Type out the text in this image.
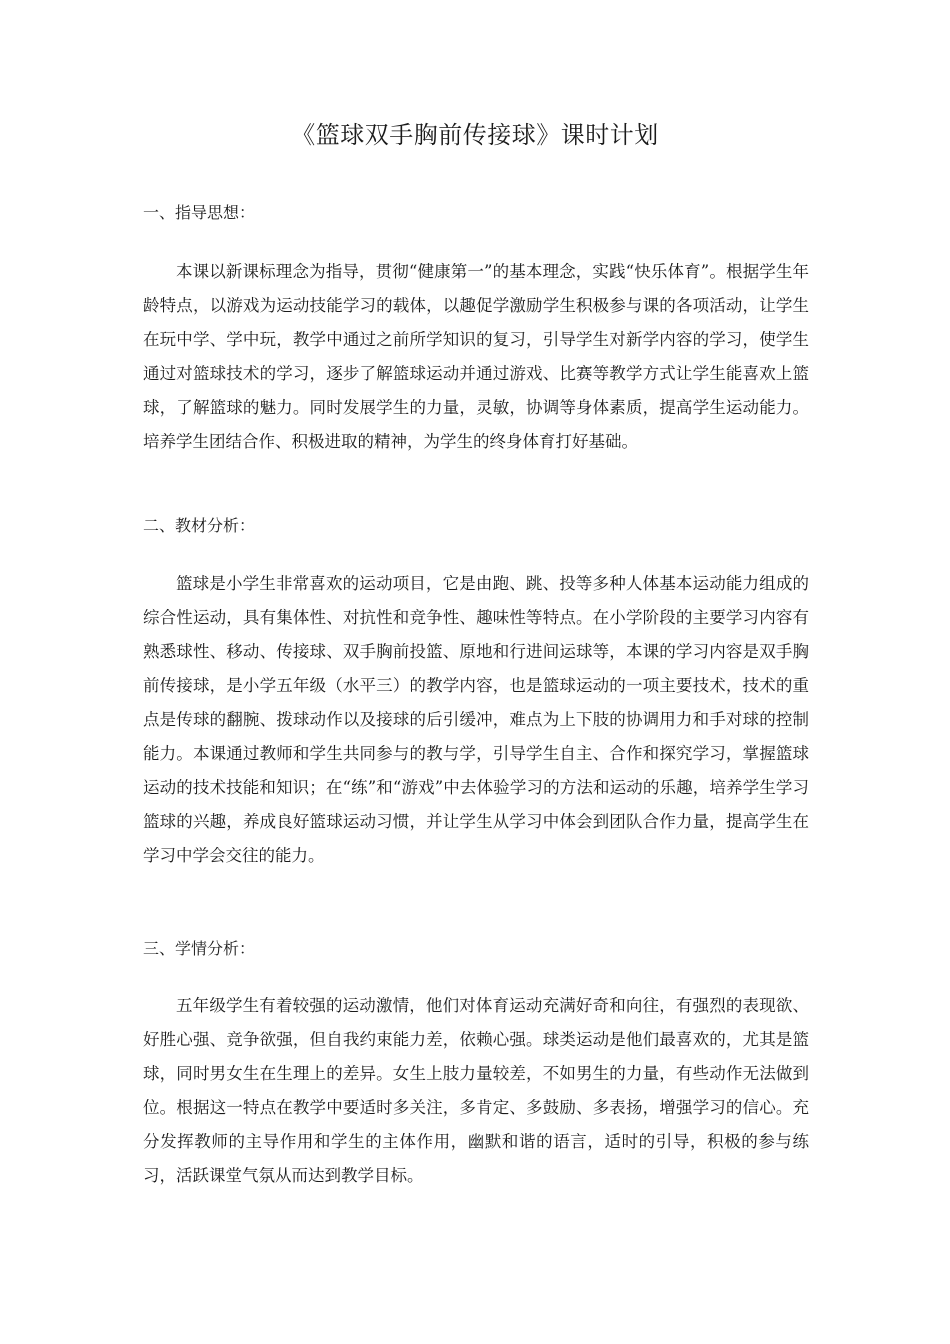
《篮球双手胸前传接球》课时计划
一、指导思想：

本课以新课标理念为指导，贯彻“健康第一”的基本理念，实践“快乐体育”。根据学生年龄特点，以游戏为运动技能学习的载体，以趣促学激励学生积极参与课的各项活动，让学生在玩中学、学中玩，教学中通过之前所学知识的复习，引导学生对新学内容的学习，使学生通过对篮球技术的学习，逐步了解篮球运动并通过游戏、比赛等教学方式让学生能喜欢上篮球，了解篮球的魅力。同时发展学生的力量，灵敏，协调等身体素质，提高学生运动能力。培养学生团结合作、积极进取的精神，为学生的终身体育打好基础。

二、教材分析：

篮球是小学生非常喜欢的运动项目，它是由跑、跳、投等多种人体基本运动能力组成的综合性运动，具有集体性、对抗性和竞争性、趣味性等特点。在小学阶段的主要学习内容有熟悉球性、移动、传接球、双手胸前投篮、原地和行进间运球等，本课的学习内容是双手胸前传接球，是小学五年级（水平三）的教学内容，也是篮球运动的一项主要技术，技术的重点是传球的翻腕、拨球动作以及接球的后引缓冲，难点为上下肢的协调用力和手对球的控制能力。本课通过教师和学生共同参与的教与学，引导学生自主、合作和探究学习，掌握篮球运动的技术技能和知识；在“练”和“游戏”中去体验学习的方法和运动的乐趣，培养学生学习篮球的兴趣，养成良好篮球运动习惯，并让学生从学习中体会到团队合作力量，提高学生在学习中学会交往的能力。

三、学情分析：

五年级学生有着较强的运动激情，他们对体育运动充满好奇和向往，有强烈的表现欲、好胜心强、竞争欲强，但自我约束能力差，依赖心强。球类运动是他们最喜欢的，尤其是篮球，同时男女生在生理上的差异。女生上肢力量较差，不如男生的力量，有些动作无法做到位。根据这一特点在教学中要适时多关注，多肯定、多鼓励、多表扬，增强学习的信心。充分发挥教师的主导作用和学生的主体作用，幽默和谐的语言，适时的引导，积极的参与练习，活跃课堂气氛从而达到教学目标。
